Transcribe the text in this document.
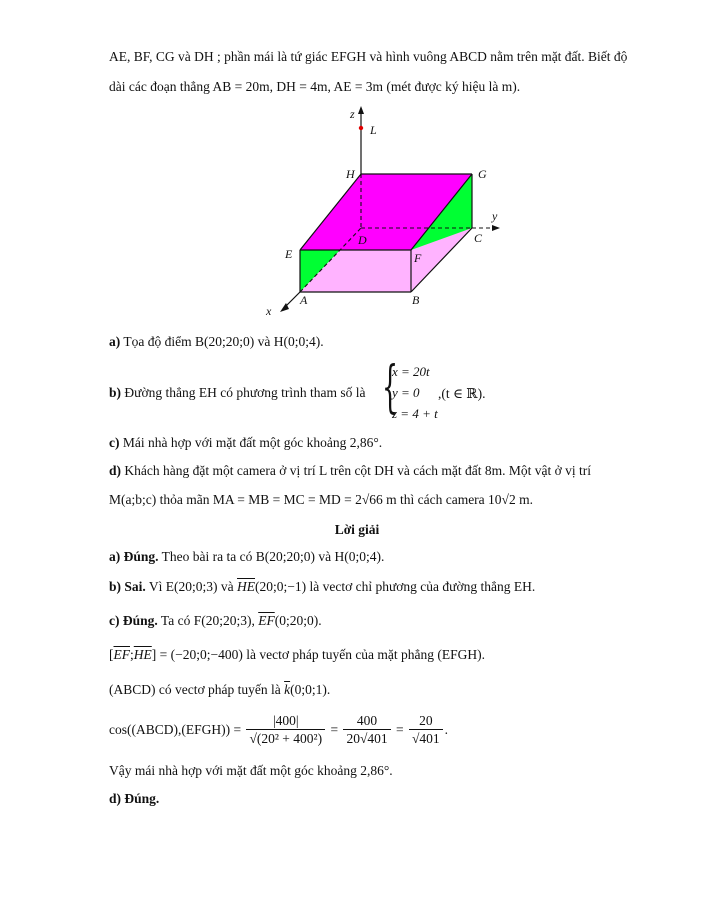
AE, BF, CG và DH ; phần mái là tứ giác EFGH và hình vuông ABCD nằm trên mặt đất. Biết độ
dài các đoạn thẳng AB = 20m, DH = 4m, AE = 3m (mét được ký hiệu là m).
z
L
H	G
y
C
D
E	F
A	B
x
a) Tọa độ điểm B(20;20;0) và H(0;0;4).
b) Đường thẳng EH có phương trình tham số là {
x = 20t
y = 0
z = 4 + t
,(t ∈ ℝ).
c) Mái nhà hợp với mặt đất một góc khoảng 2,86°.
d) Khách hàng đặt một camera ở vị trí L trên cột DH và cách mặt đất 8m. Một vật ở vị trí
M(a;b;c) thỏa mãn MA = MB = MC = MD = 2√66 m thì cách camera 10√2 m.
Lời giải
a) Đúng. Theo bài ra ta có B(20;20;0) và H(0;0;4).
b) Sai. Vì E(20;0;3) và $\overline{HE}(20;0;-1)$ là vectơ chỉ phương của đường thẳng EH.
c) Đúng. Ta có F(20;20;3), $\overline{EF}(0;20;0)$.
$[\overline{EF};\overline{HE}]$ = (−20;0;−400) là vectơ pháp tuyến của mặt phẳng (EFGH).
(ABCD) có vectơ pháp tuyến là $\overline{k}(0;0;1)$.
cos((ABCD),(EFGH)) = $\frac{|400|}{\text{√(20² + 400²)}} = \frac{400}{20√401} = \frac{20}{√401}$ .
Vậy mái nhà hợp với mặt đất một góc khoảng 2,86°.
d) Đúng.
